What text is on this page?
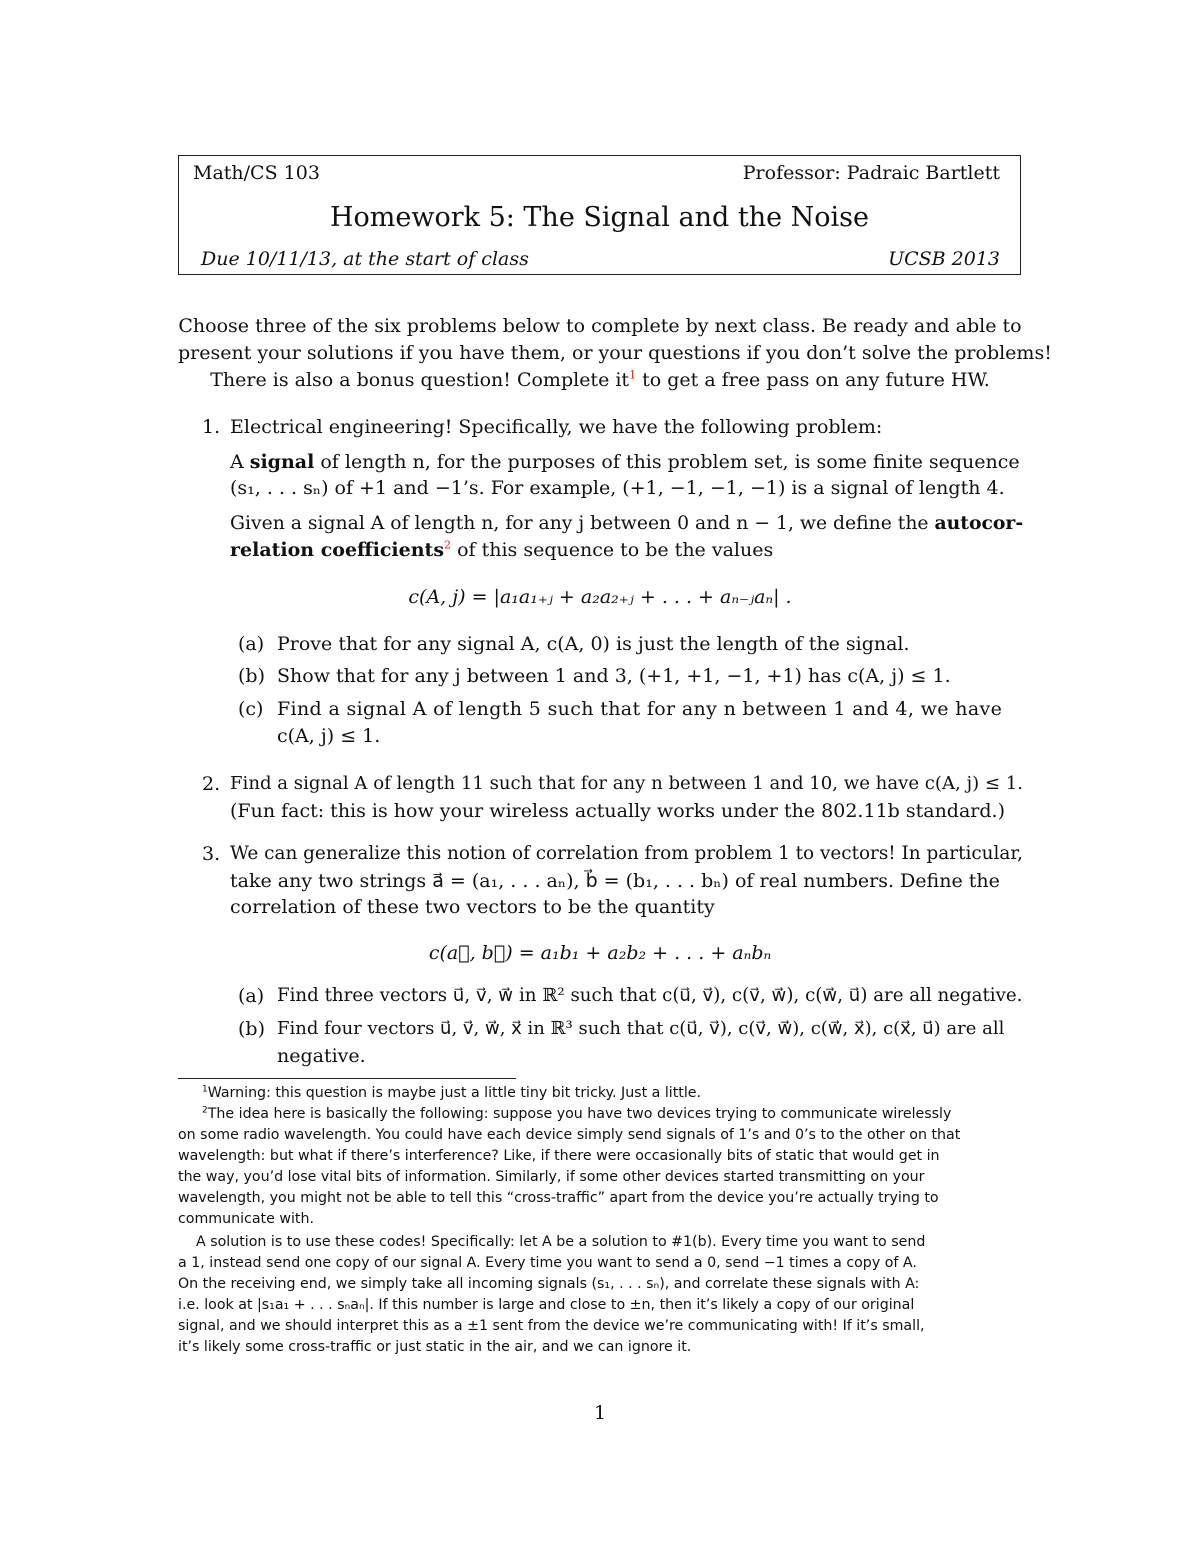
Math/CS 103	Professor: Padraic Bartlett
Homework 5: The Signal and the Noise
Due 10/11/13, at the start of class	UCSB 2013
Choose three of the six problems below to complete by next class. Be ready and able to
present your solutions if you have them, or your questions if you don’t solve the problems!
There is also a bonus question! Complete $it^1$ to get a free pass on any future HW.
1. Electrical engineering! Specifically, we have the following problem:
A signal of length n, for the purposes of this problem set, is some finite sequence
(s₁, . . . sₙ) of +1 and −1’s. For example, (+1, −1, −1, −1) is a signal of length 4.
Given a signal A of length n, for any j between 0 and n − 1, we define the autocor-
relation coefficients$^2$ of this sequence to be the values
c(A, j) = |a₁a₁₊ⱼ + a₂a₂₊ⱼ + . . . + aₙ₋ⱼaₙ| .
(a) Prove that for any signal A, c(A, 0) is just the length of the signal.
(b) Show that for any j between 1 and 3, (+1, +1, −1, +1) has c(A, j) ≤ 1.
(c) Find a signal A of length 5 such that for any n between 1 and 4, we have
c(A, j) ≤ 1.
2. Find a signal A of length 11 such that for any n between 1 and 10, we have c(A, j) ≤ 1.
(Fun fact: this is how your wireless actually works under the 802.11b standard.)
3. We can generalize this notion of correlation from problem 1 to vectors! In particular,
take any two strings a⃗ = (a₁, . . . aₙ), b⃗ = (b₁, . . . bₙ) of real numbers. Define the
correlation of these two vectors to be the quantity
c(a⃗, b⃗) = a₁b₁ + a₂b₂ + . . . + aₙbₙ
(a) Find three vectors u⃗, v⃗, w⃗ in ℝ² such that c(u⃗, v⃗), c(v⃗, w⃗), c(w⃗, u⃗) are all negative.
(b) Find four vectors u⃗, v⃗, w⃗, x⃗ in ℝ³ such that c(u⃗, v⃗), c(v⃗, w⃗), c(w⃗, x⃗), c(x⃗, u⃗) are all
negative.
$^1$Warning: this question is maybe just a little tiny bit tricky. Just a little.
$^2$The idea here is basically the following: suppose you have two devices trying to communicate wirelessly
on some radio wavelength. You could have each device simply send signals of 1’s and 0’s to the other on that
wavelength: but what if there’s interference? Like, if there were occasionally bits of static that would get in
the way, you’d lose vital bits of information. Similarly, if some other devices started transmitting on your
wavelength, you might not be able to tell this “cross-traffic” apart from the device you’re actually trying to
communicate with.
A solution is to use these codes! Specifically: let A be a solution to #1(b). Every time you want to send
a 1, instead send one copy of our signal A. Every time you want to send a 0, send −1 times a copy of A.
On the receiving end, we simply take all incoming signals (s₁, . . . sₙ), and correlate these signals with A:
i.e. look at |s₁a₁ + . . . sₙaₙ|. If this number is large and close to ±n, then it’s likely a copy of our original
signal, and we should interpret this as a ±1 sent from the device we’re communicating with! If it’s small,
it’s likely some cross-traffic or just static in the air, and we can ignore it.
1
